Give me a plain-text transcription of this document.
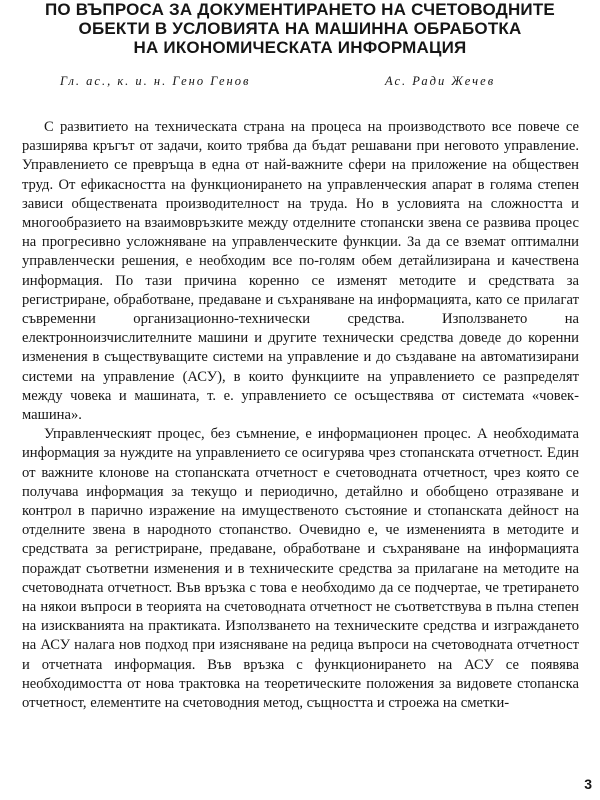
ПО ВЪПРОСА ЗА ДОКУМЕНТИРАНЕТО НА СЧЕТОВОДНИТЕ
ОБЕКТИ В УСЛОВИЯТА НА МАШИННА ОБРАБОТКА
НА ИКОНОМИЧЕСКАТА ИНФОРМАЦИЯ
Гл. ас., к. и. н. Гено Генов	Ас. Ради Жечев

С развитието на техническата страна на процеса на производството все повече се разширява кръгът от задачи, които трябва да бъдат решавани при неговото управление. Управлението се превръща в една от най-важните сфери на приложение на обществен труд. От ефикасността на функционирането на управленческия апарат в голяма степен зависи обществената производителност на труда. Но в условията на сложността и многообразието на взаимовръзките между отделните стопански звена се развива процес на прогресивно усложняване на управленческите функции. За да се вземат оптимални управленчески решения, е необходим все по-голям обем детайлизирана и качествена информация. По тази причина коренно се изменят методите и средствата за регистриране, обработване, предаване и съхраняване на информацията, като се прилагат съвременни организационно-технически средства. Използването на електронноизчислителните машини и другите технически средства доведе до коренни изменения в съществуващите системи на управление и до създаване на автоматизирани системи на управление (АСУ), в които функциите на управлението се разпределят между човека и машината, т. е. управлението се осъществява от системата «човек-машина».

Управленческият процес, без съмнение, е информационен процес. А необходимата информация за нуждите на управлението се осигурява чрез стопанската отчетност. Един от важните клонове на стопанската отчетност е счетоводната отчетност, чрез която се получава информация за текущо и периодично, детайлно и обобщено отразяване и контрол в парично изражение на имущественото състояние и стопанската дейност на отделните звена в народното стопанство. Очевидно е, че измененията в методите и средствата за регистриране, предаване, обработване и съхраняване на информацията пораждат съответни изменения и в техническите средства за прилагане на методите на счетоводната отчетност. Във връзка с това е необходимо да се подчертае, че третирането на някои въпроси в теорията на счетоводната отчетност не съответствува в пълна степен на изискванията на практиката. Използването на техническите средства и изграждането на АСУ налага нов подход при изясняване на редица въпроси на счетоводната отчетност и отчетната информация. Във връзка с функционирането на АСУ се появява необходимостта от нова трактовка на теоретическите положения за видовете стопанска отчетност, елементите на счетоводния метод, същността и строежа на сметки-

3
